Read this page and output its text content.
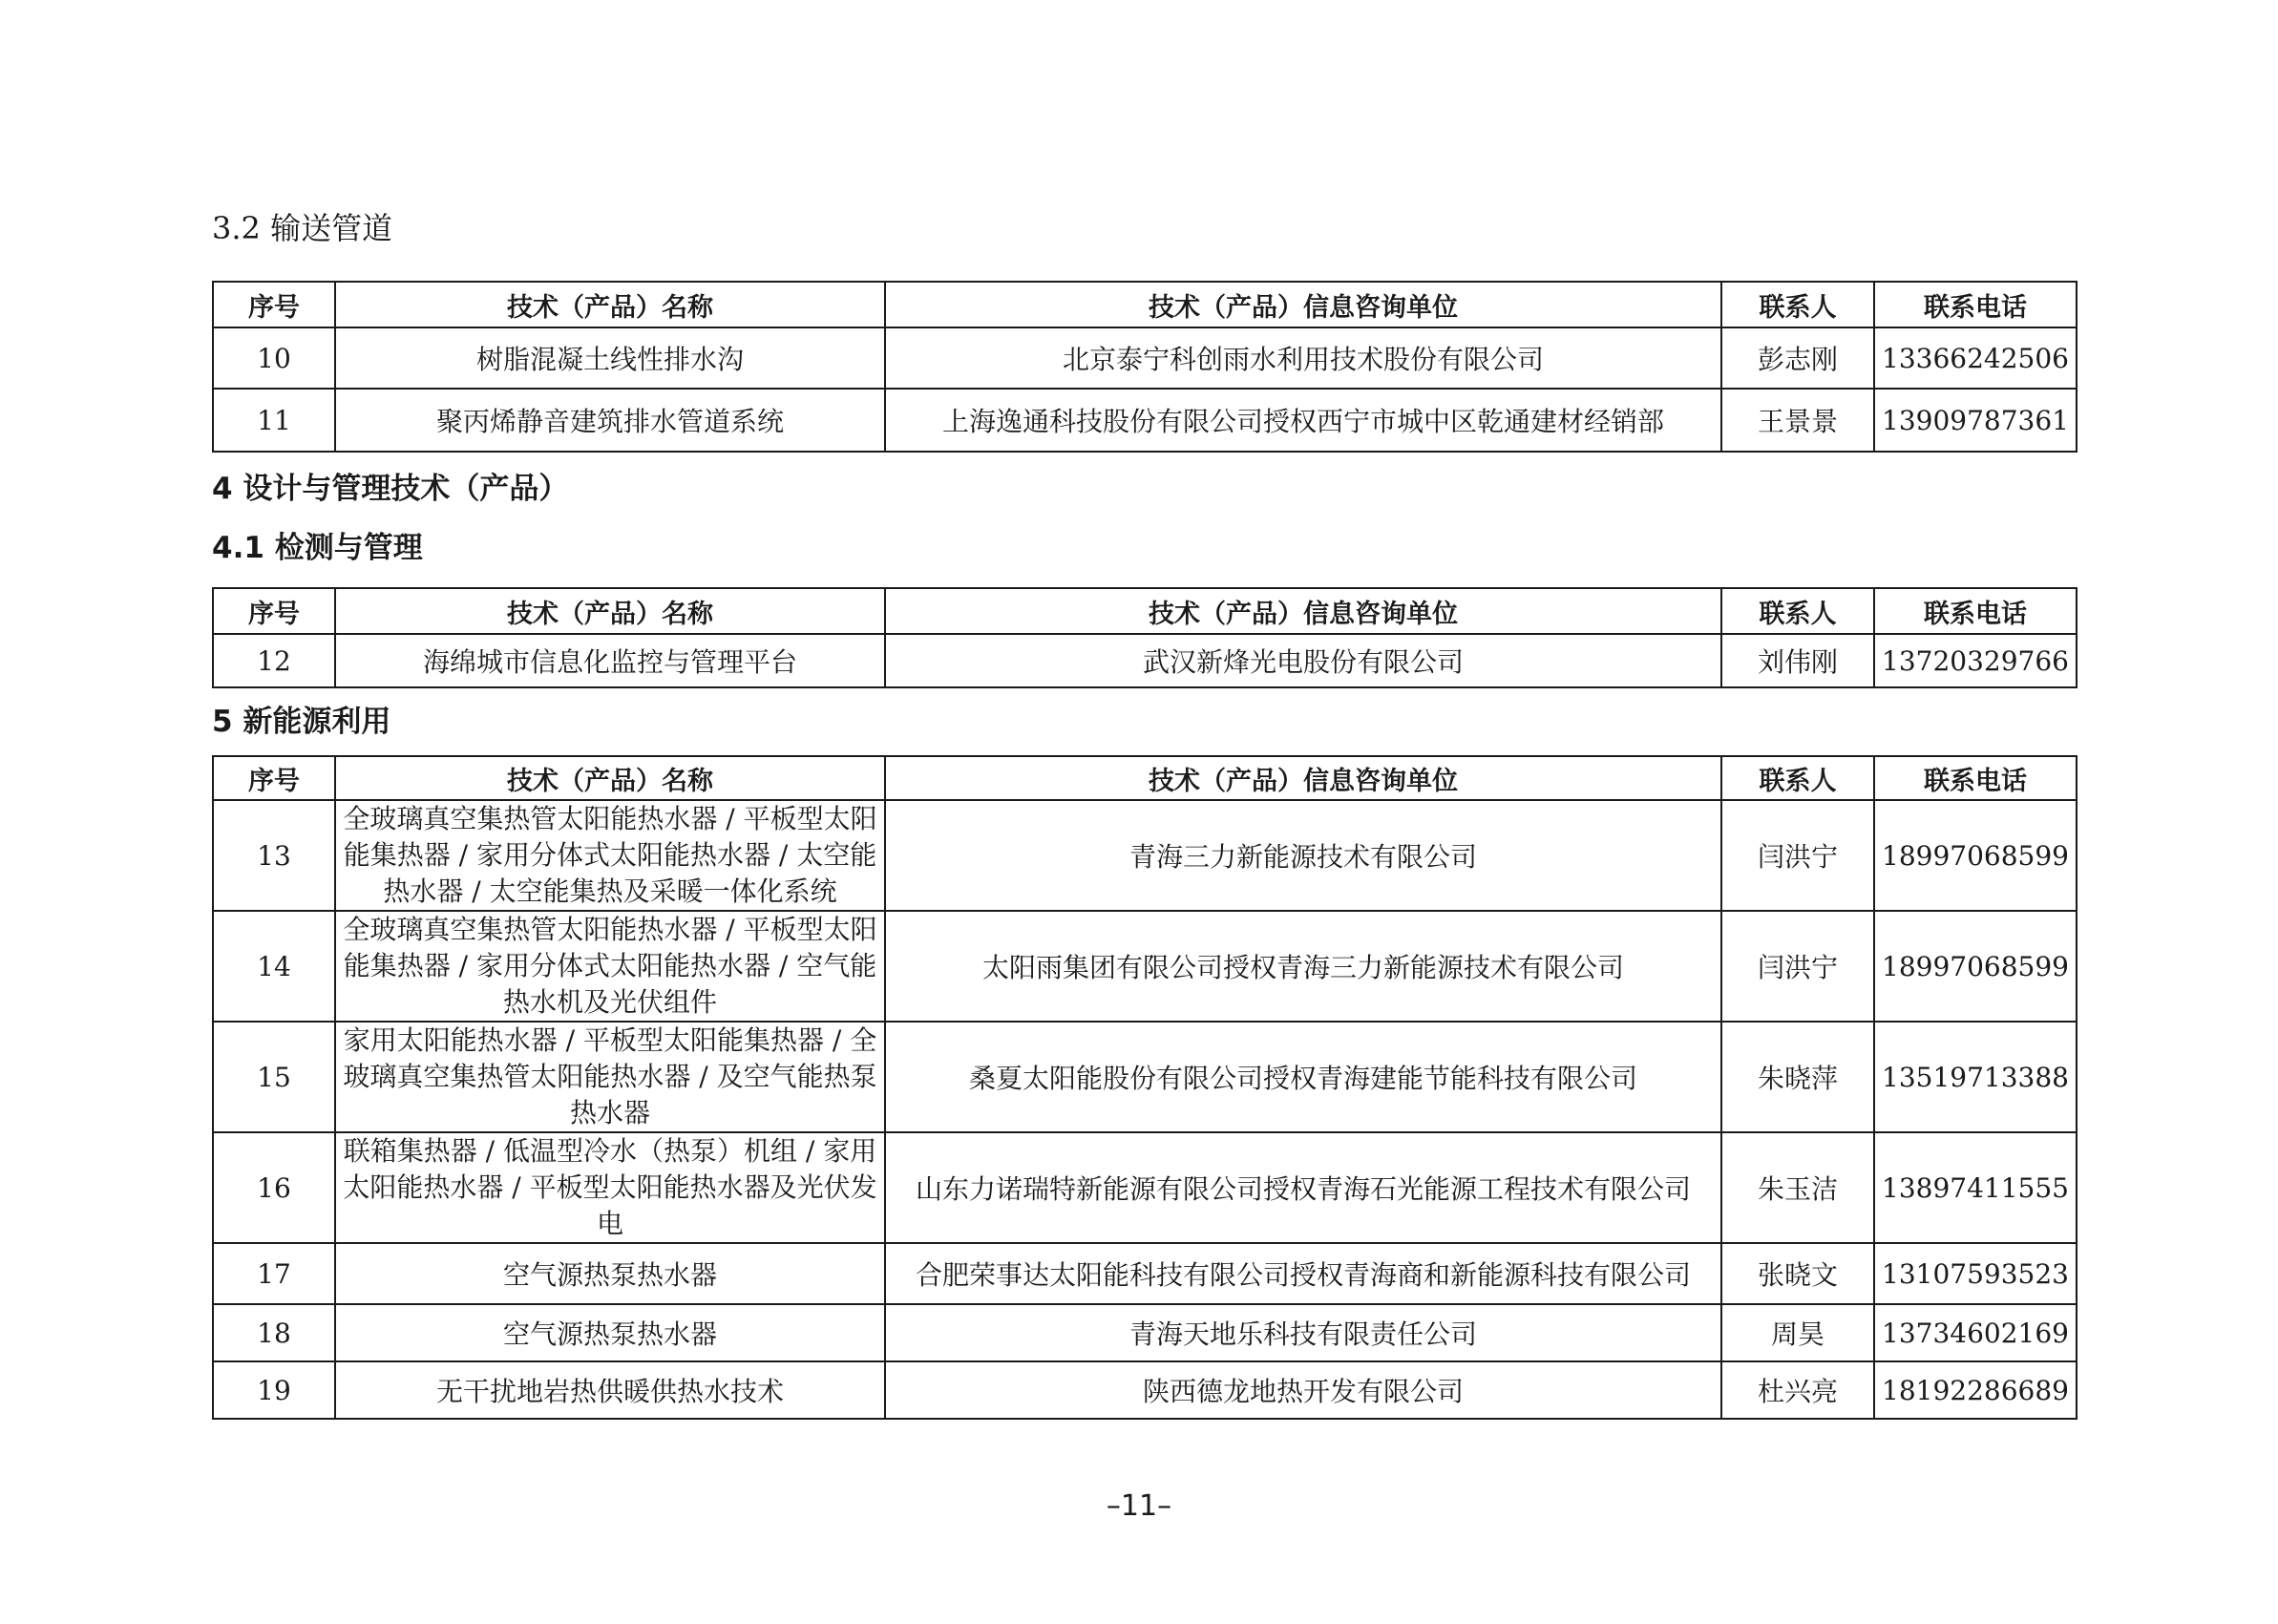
3.2 输送管道
序号	技术（产品）名称	技术（产品）信息咨询单位	联系人	联系电话
10	树脂混凝土线性排水沟	北京泰宁科创雨水利用技术股份有限公司	彭志刚	13366242506
11	聚丙烯静音建筑排水管道系统	上海逸通科技股份有限公司授权西宁市城中区乾通建材经销部	王景景	13909787361
4 设计与管理技术（产品）
4.1 检测与管理
序号	技术（产品）名称	技术（产品）信息咨询单位	联系人	联系电话
12	海绵城市信息化监控与管理平台	武汉新烽光电股份有限公司	刘伟刚	13720329766
5 新能源利用
序号	技术（产品）名称	技术（产品）信息咨询单位	联系人	联系电话
13	全玻璃真空集热管太阳能热水器 / 平板型太阳能集热器 / 家用分体式太阳能热水器 / 太空能热水器 / 太空能集热及采暖一体化系统	青海三力新能源技术有限公司	闫洪宁	18997068599
14	全玻璃真空集热管太阳能热水器 / 平板型太阳能集热器 / 家用分体式太阳能热水器 / 空气能热水机及光伏组件	太阳雨集团有限公司授权青海三力新能源技术有限公司	闫洪宁	18997068599
15	家用太阳能热水器 / 平板型太阳能集热器 / 全玻璃真空集热管太阳能热水器 / 及空气能热泵热水器	桑夏太阳能股份有限公司授权青海建能节能科技有限公司	朱晓萍	13519713388
16	联箱集热器 / 低温型冷水（热泵）机组 / 家用太阳能热水器 / 平板型太阳能热水器及光伏发电	山东力诺瑞特新能源有限公司授权青海石光能源工程技术有限公司	朱玉洁	13897411555
17	空气源热泵热水器	合肥荣事达太阳能科技有限公司授权青海商和新能源科技有限公司	张晓文	13107593523
18	空气源热泵热水器	青海天地乐科技有限责任公司	周昊	13734602169
19	无干扰地岩热供暖供热水技术	陕西德龙地热开发有限公司	杜兴亮	18192286689
–11–
